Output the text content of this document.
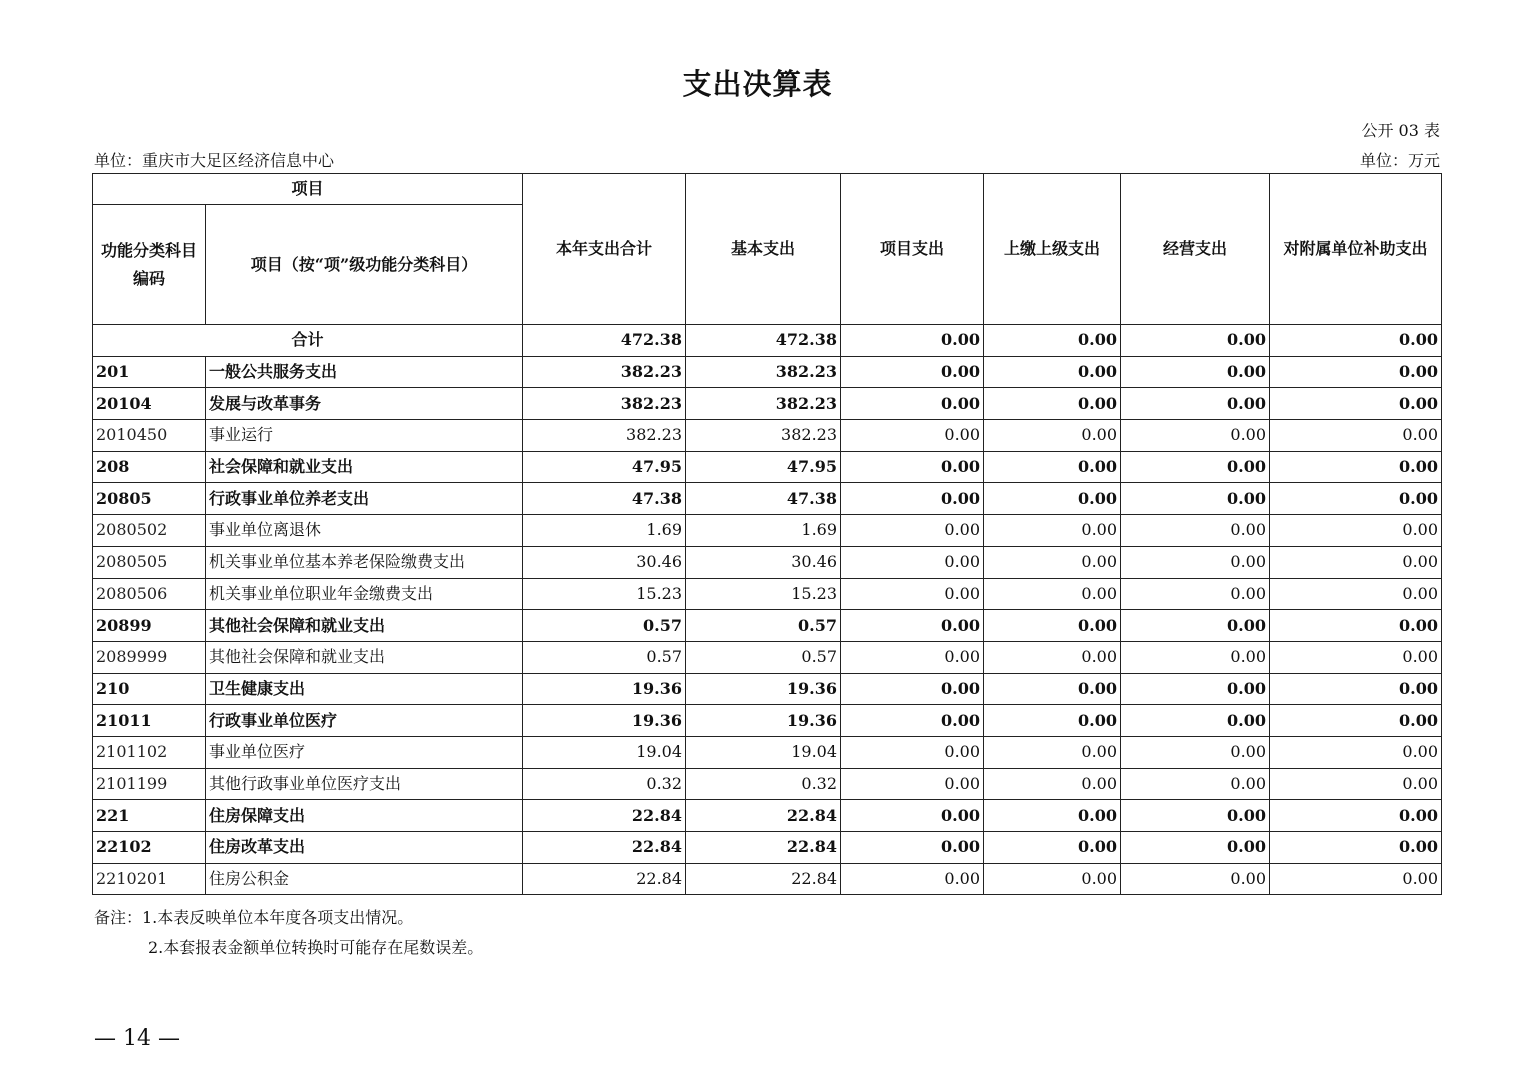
支出决算表
公开 03 表
单位：重庆市大足区经济信息中心	单位：万元
项目		本年支出合计	基本支出	项目支出	上缴上级支出	经营支出	对附属单位补助支出
功能分类科目编码	项目（按“项”级功能分类科目）						
合计		472.38	472.38	0.00	0.00	0.00	0.00
201	一般公共服务支出	382.23	382.23	0.00	0.00	0.00	0.00
20104	发展与改革事务	382.23	382.23	0.00	0.00	0.00	0.00
2010450	事业运行	382.23	382.23	0.00	0.00	0.00	0.00
208	社会保障和就业支出	47.95	47.95	0.00	0.00	0.00	0.00
20805	行政事业单位养老支出	47.38	47.38	0.00	0.00	0.00	0.00
2080502	事业单位离退休	1.69	1.69	0.00	0.00	0.00	0.00
2080505	机关事业单位基本养老保险缴费支出	30.46	30.46	0.00	0.00	0.00	0.00
2080506	机关事业单位职业年金缴费支出	15.23	15.23	0.00	0.00	0.00	0.00
20899	其他社会保障和就业支出	0.57	0.57	0.00	0.00	0.00	0.00
2089999	其他社会保障和就业支出	0.57	0.57	0.00	0.00	0.00	0.00
210	卫生健康支出	19.36	19.36	0.00	0.00	0.00	0.00
21011	行政事业单位医疗	19.36	19.36	0.00	0.00	0.00	0.00
2101102	事业单位医疗	19.04	19.04	0.00	0.00	0.00	0.00
2101199	其他行政事业单位医疗支出	0.32	0.32	0.00	0.00	0.00	0.00
221	住房保障支出	22.84	22.84	0.00	0.00	0.00	0.00
22102	住房改革支出	22.84	22.84	0.00	0.00	0.00	0.00
2210201	住房公积金	22.84	22.84	0.00	0.00	0.00	0.00
备注：1.本表反映单位本年度各项支出情况。
2.本套报表金额单位转换时可能存在尾数误差。
— 14 —
